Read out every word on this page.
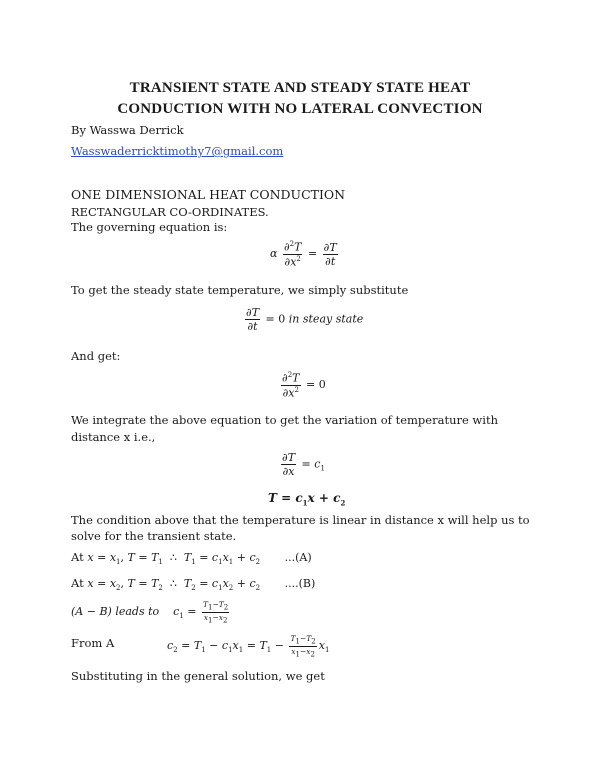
TRANSIENT STATE AND STEADY STATE HEAT
CONDUCTION WITH NO LATERAL CONVECTION
By Wasswa Derrick
Wasswaderricktimothy7@gmail.com
ONE DIMENSIONAL HEAT CONDUCTION
RECTANGULAR CO-ORDINATES.
The governing equation is:
α $\frac{\partial^2T}{\partial x^2} = \frac{\partial T}{\partial t}$
To get the steady state temperature, we simply substitute
$\frac{\partial T}{\partial t} = 0$ in steay state
And get:
$\frac{\partial^2T}{\partial x^2} = 0$
We integrate the above equation to get the variation of temperature with
distance x i.e.,
$\frac{\partial T}{\partial x} = c_1$
$T = c_1x + c_2$
The condition above that the temperature is linear in distance x will help us to
solve for the transient state.
At $x = x_1$, $T = T_1$  ∴  $T_1 = c_1x_1 + c_2$ ...(A)
At $x = x_2$, $T = T_2$  ∴  $T_2 = c_1x_2 + c_2$ ....(B)
(A − B) leads to $c_1 = \frac{T_1-T_2}{x_1-x_2}$
From A	$c_2 = T_1 - c_1x_1 = T_1 - \frac{T_1-T_2}{x_1-x_2} x_1$
Substituting in the general solution, we get
